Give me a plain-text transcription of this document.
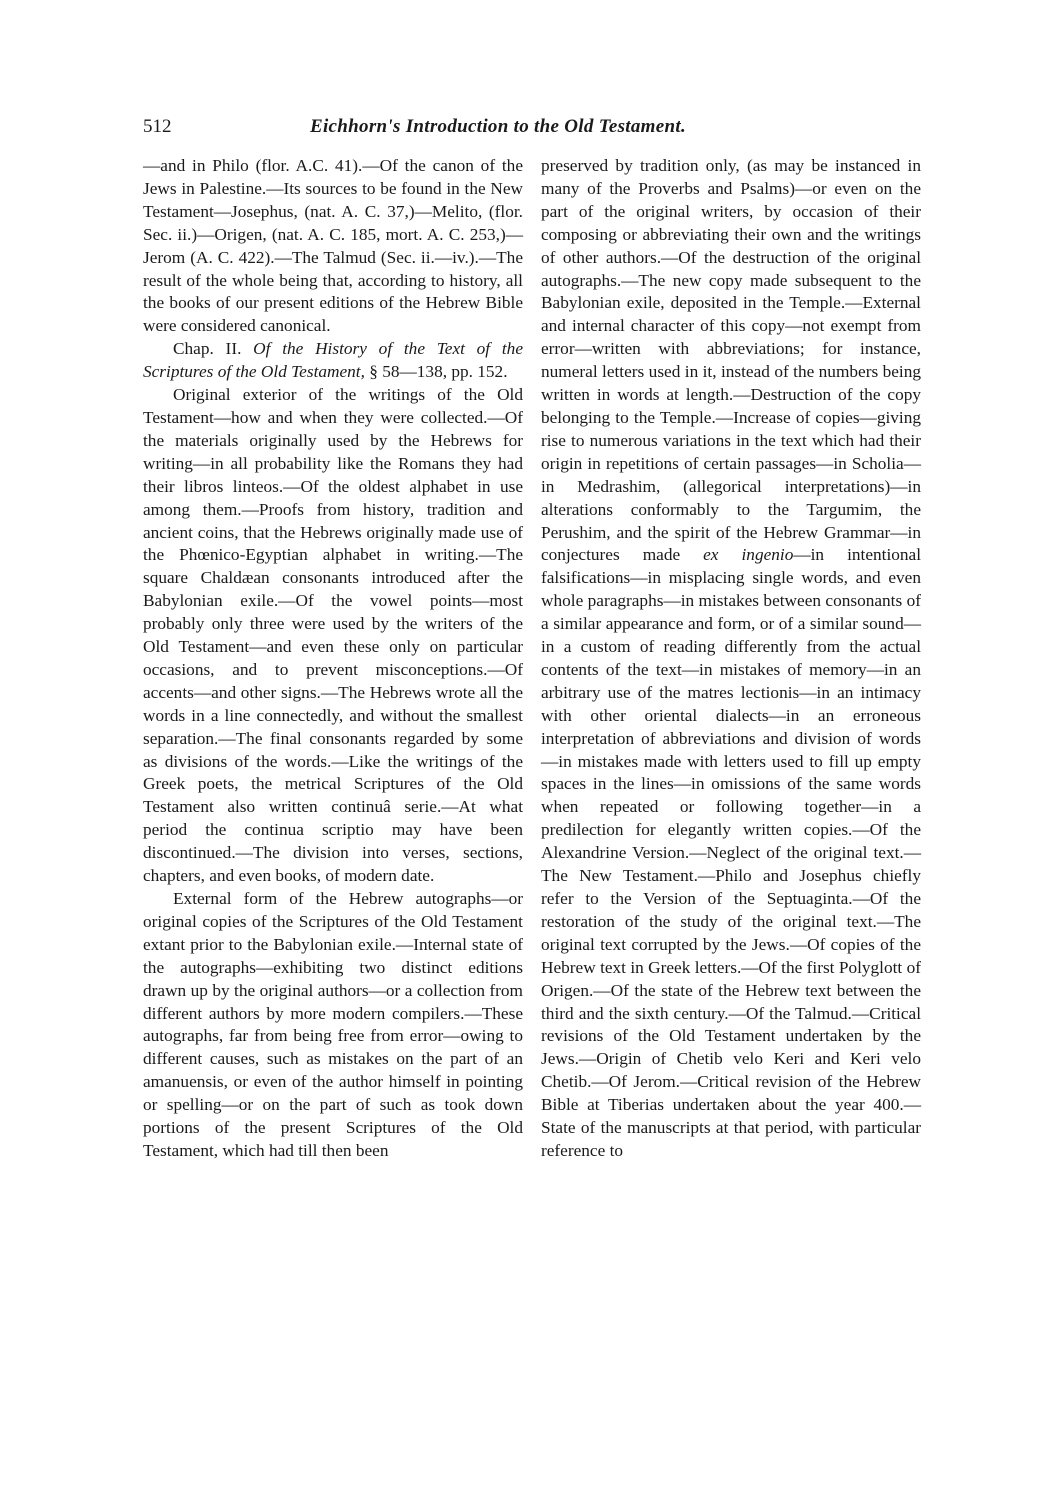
512	Eichhorn's Introduction to the Old Testament.

—and in Philo (flor. A.C. 41).—Of the canon of the Jews in Palestine.—Its sources to be found in the New Testament—Josephus, (nat. A. C. 37,)—Melito, (flor. Sec. ii.)—Origen, (nat. A. C. 185, mort. A. C. 253,)—Jerom (A. C. 422).—The Talmud (Sec. ii.—iv.).—The result of the whole being that, according to history, all the books of our present editions of the Hebrew Bible were considered canonical.

Chap. II. Of the History of the Text of the Scriptures of the Old Testament, § 58—138, pp. 152.

Original exterior of the writings of the Old Testament—how and when they were collected.—Of the materials originally used by the Hebrews for writing—in all probability like the Romans they had their libros linteos.—Of the oldest alphabet in use among them.—Proofs from history, tradition and ancient coins, that the Hebrews originally made use of the Phœnico-Egyptian alphabet in writing.—The square Chaldæan consonants introduced after the Babylonian exile.—Of the vowel points—most probably only three were used by the writers of the Old Testament—and even these only on particular occasions, and to prevent misconceptions.—Of accents—and other signs.—The Hebrews wrote all the words in a line connectedly, and without the smallest separation.—The final consonants regarded by some as divisions of the words.—Like the writings of the Greek poets, the metrical Scriptures of the Old Testament also written continuâ serie.—At what period the continua scriptio may have been discontinued.—The division into verses, sections, chapters, and even books, of modern date.

External form of the Hebrew autographs—or original copies of the Scriptures of the Old Testament extant prior to the Babylonian exile.—Internal state of the autographs—exhibiting two distinct editions drawn up by the original authors—or a collection from different authors by more modern compilers.—These autographs, far from being free from error—owing to different causes, such as mistakes on the part of an amanuensis, or even of the author himself in pointing or spelling—or on the part of such as took down portions of the present Scriptures of the Old Testament, which had till then been

preserved by tradition only, (as may be instanced in many of the Proverbs and Psalms)—or even on the part of the original writers, by occasion of their composing or abbreviating their own and the writings of other authors.—Of the destruction of the original autographs.—The new copy made subsequent to the Babylonian exile, deposited in the Temple.—External and internal character of this copy—not exempt from error—written with abbreviations; for instance, numeral letters used in it, instead of the numbers being written in words at length.—Destruction of the copy belonging to the Temple.—Increase of copies—giving rise to numerous variations in the text which had their origin in repetitions of certain passages—in Scholia—in Medrashim, (allegorical interpretations)—in alterations conformably to the Targumim, the Perushim, and the spirit of the Hebrew Grammar—in conjectures made ex ingenio—in intentional falsifications—in misplacing single words, and even whole paragraphs—in mistakes between consonants of a similar appearance and form, or of a similar sound—in a custom of reading differently from the actual contents of the text—in mistakes of memory—in an arbitrary use of the matres lectionis—in an intimacy with other oriental dialects—in an erroneous interpretation of abbreviations and division of words—in mistakes made with letters used to fill up empty spaces in the lines—in omissions of the same words when repeated or following together—in a predilection for elegantly written copies.—Of the Alexandrine Version.—Neglect of the original text.—The New Testament.—Philo and Josephus chiefly refer to the Version of the Septuaginta.—Of the restoration of the study of the original text.—The original text corrupted by the Jews.—Of copies of the Hebrew text in Greek letters.—Of the first Polyglott of Origen.—Of the state of the Hebrew text between the third and the sixth century.—Of the Talmud.—Critical revisions of the Old Testament undertaken by the Jews.—Origin of Chetib velo Keri and Keri velo Chetib.—Of Jerom.—Critical revision of the Hebrew Bible at Tiberias undertaken about the year 400.—State of the manuscripts at that period, with particular reference to
